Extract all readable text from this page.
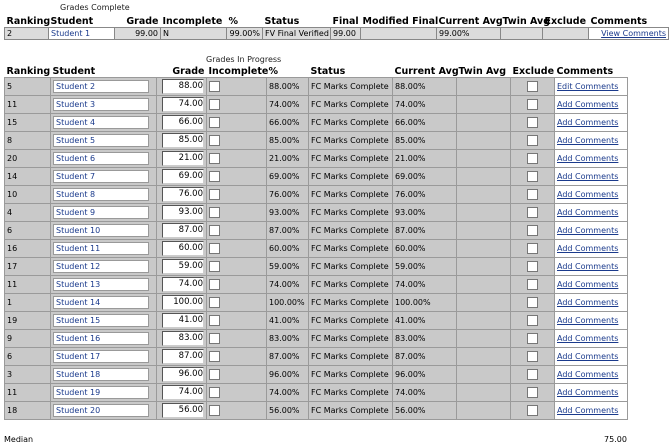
Grades Complete
Ranking	Student	Grade	Incomplete	%	Status	Final	Modified Final	Current Avg	Twin Avg	Exclude	Comments
2	Student 1	99.00	N	99.00%	FV Final Verified	99.00		99.00%			View Comments
Grades In Progress
Ranking	Student	Grade	Incomplete	%	Status	Current Avg	Twin Avg	Exclude	Comments
5	Student 2	88.00		88.00%	FC Marks Complete	88.00%			Edit Comments
11	Student 3	74.00		74.00%	FC Marks Complete	74.00%			Add Comments
15	Student 4	66.00		66.00%	FC Marks Complete	66.00%			Add Comments
8	Student 5	85.00		85.00%	FC Marks Complete	85.00%			Add Comments
20	Student 6	21.00		21.00%	FC Marks Complete	21.00%			Add Comments
14	Student 7	69.00		69.00%	FC Marks Complete	69.00%			Add Comments
10	Student 8	76.00		76.00%	FC Marks Complete	76.00%			Add Comments
4	Student 9	93.00		93.00%	FC Marks Complete	93.00%			Add Comments
6	Student 10	87.00		87.00%	FC Marks Complete	87.00%			Add Comments
16	Student 11	60.00		60.00%	FC Marks Complete	60.00%			Add Comments
17	Student 12	59.00		59.00%	FC Marks Complete	59.00%			Add Comments
11	Student 13	74.00		74.00%	FC Marks Complete	74.00%			Add Comments
1	Student 14	100.00		100.00%	FC Marks Complete	100.00%			Add Comments
19	Student 15	41.00		41.00%	FC Marks Complete	41.00%			Add Comments
9	Student 16	83.00		83.00%	FC Marks Complete	83.00%			Add Comments
6	Student 17	87.00		87.00%	FC Marks Complete	87.00%			Add Comments
3	Student 18	96.00		96.00%	FC Marks Complete	96.00%			Add Comments
11	Student 19	74.00		74.00%	FC Marks Complete	74.00%			Add Comments
18	Student 20	56.00		56.00%	FC Marks Complete	56.00%			Add Comments
Median	75.00
